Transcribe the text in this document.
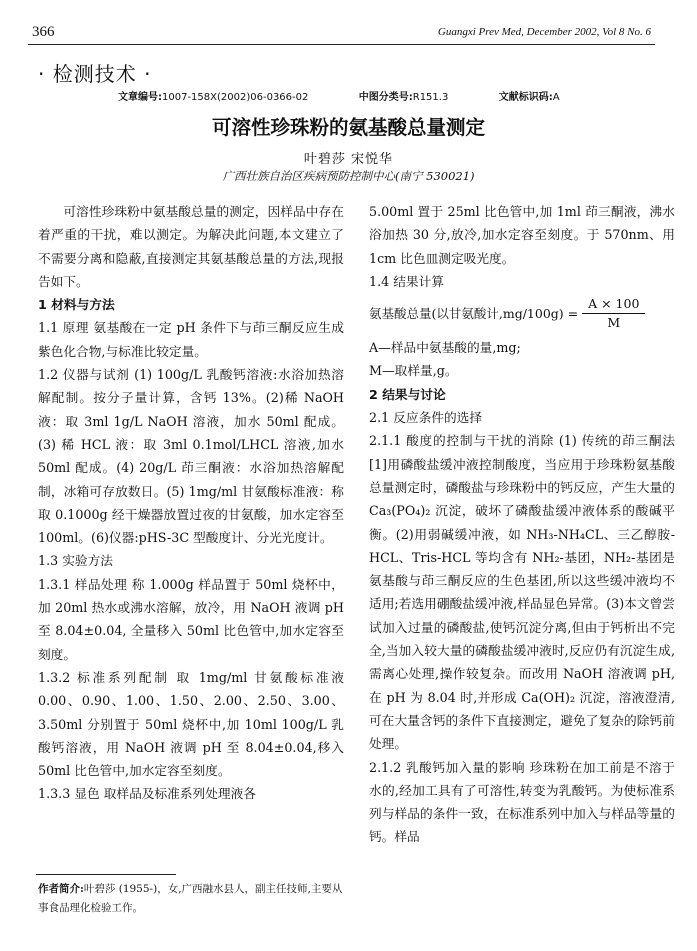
366	Guangxi Prev Med, December 2002, Vol 8 No. 6
· 检测技术 ·
文章编号:1007-158X(2002)06-0366-02	中图分类号:R151.3	文献标识码:A
可溶性珍珠粉的氨基酸总量测定
叶碧莎 宋悦华
广西壮族自治区疾病预防控制中心(南宁 530021)

可溶性珍珠粉中氨基酸总量的测定，因样品中存在着严重的干扰，难以测定。为解决此问题,本文建立了不需要分离和隐蔽,直接测定其氨基酸总量的方法,现报告如下。

1 材料与方法

1.1 原理 氨基酸在一定 pH 条件下与茚三酮反应生成紫色化合物,与标准比较定量。

1.2 仪器与试剂 (1) 100g/L 乳酸钙溶液:水浴加热溶解配制。按分子量计算，含钙 13%。(2)稀 NaOH 液：取 3ml 1g/L NaOH 溶液，加水 50ml 配成。(3) 稀 HCL 液：取 3ml 0.1mol/LHCL 溶液,加水 50ml 配成。(4) 20g/L 茚三酮液：水浴加热溶解配制，冰箱可存放数日。(5) 1mg/ml 甘氨酸标准液：称取 0.1000g 经干燥器放置过夜的甘氨酸，加水定容至 100ml。(6)仪器:pHS-3C 型酸度计、分光光度计。

1.3 实验方法

1.3.1 样品处理 称 1.000g 样品置于 50ml 烧杯中，加 20ml 热水或沸水溶解，放冷，用 NaOH 液调 pH 至 8.04±0.04, 全量移入 50ml 比色管中,加水定容至刻度。

1.3.2 标准系列配制 取 1mg/ml 甘氨酸标准液 0.00、0.90、1.00、1.50、2.00、2.50、3.00、3.50ml 分别置于 50ml 烧杯中,加 10ml 100g/L 乳酸钙溶液，用 NaOH 液调 pH 至 8.04±0.04,移入 50ml 比色管中,加水定容至刻度。

1.3.3 显色 取样品及标准系列处理液各

5.00ml 置于 25ml 比色管中,加 1ml 茚三酮液，沸水浴加热 30 分,放冷,加水定容至刻度。于 570nm、用 1cm 比色皿测定吸光度。

1.4 结果计算

氨基酸总量(以甘氨酸计$,mg/100g) = \frac{A \times 100}{M}$

A—样品中氨基酸的量,mg;

M—取样量,g。

2 结果与讨论

2.1 反应条件的选择

2.1.1 酸度的控制与干扰的消除 (1) 传统的茚三酮法[1]用磷酸盐缓冲液控制酸度，当应用于珍珠粉氨基酸总量测定时，磷酸盐与珍珠粉中的钙反应，产生大量的 Ca₃(PO₄)₂ 沉淀，破坏了磷酸盐缓冲液体系的酸碱平衡。(2)用弱碱缓冲液，如 NH₃-NH₄CL、三乙醇胺-HCL、Tris-HCL 等均含有 NH₂-基团，NH₂-基团是氨基酸与茚三酮反应的生色基团,所以这些缓冲液均不适用;若选用硼酸盐缓冲液,样品显色异常。(3)本文曾尝试加入过量的磷酸盐,使钙沉淀分离,但由于钙析出不完全,当加入较大量的磷酸盐缓冲液时,反应仍有沉淀生成,需离心处理,操作较复杂。而改用 NaOH 溶液调 pH,在 pH 为 8.04 时,并形成 Ca(OH)₂ 沉淀，溶液澄清,可在大量含钙的条件下直接测定，避免了复杂的除钙前处理。

2.1.2 乳酸钙加入量的影响 珍珠粉在加工前是不溶于水的,经加工具有了可溶性,转变为乳酸钙。为使标准系列与样品的条件一致，在标准系列中加入与样品等量的钙。样品

作者简介:叶碧莎 (1955-)，女,广西融水县人，副主任技师,主要从事食品理化检验工作。
